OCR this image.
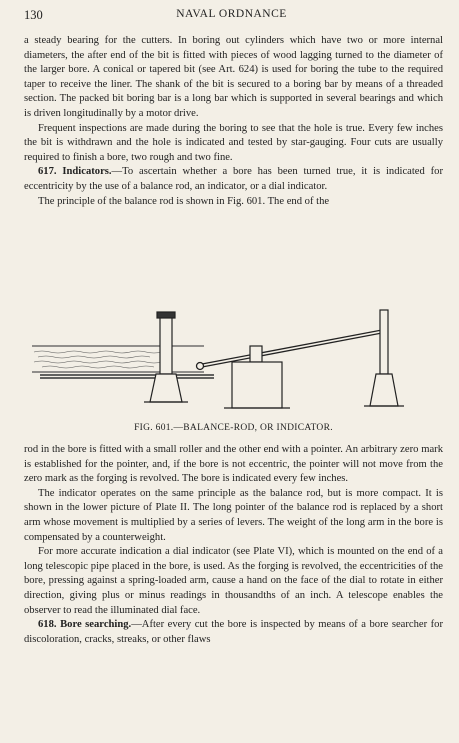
130	NAVAL ORDNANCE

a steady bearing for the cutters. In boring out cylinders which have two or more internal diameters, the after end of the bit is fitted with pieces of wood lagging turned to the diameter of the larger bore. A conical or tapered bit (see Art. 624) is used for boring the tube to the required taper to receive the liner. The shank of the bit is secured to a boring bar by means of a threaded section. The packed bit boring bar is a long bar which is supported in several bearings and which is driven longitudinally by a motor drive.

Frequent inspections are made during the boring to see that the hole is true. Every few inches the bit is withdrawn and the hole is indicated and tested by star-gauging. Four cuts are usually required to finish a bore, two rough and two fine.

617. Indicators.—To ascertain whether a bore has been turned true, it is indicated for eccentricity by the use of a balance rod, an indicator, or a dial indicator.

The principle of the balance rod is shown in Fig. 601. The end of the

FIG. 601.—BALANCE-ROD, OR INDICATOR.

rod in the bore is fitted with a small roller and the other end with a pointer. An arbitrary zero mark is established for the pointer, and, if the bore is not eccentric, the pointer will not move from the zero mark as the forging is revolved. The bore is indicated every few inches.

The indicator operates on the same principle as the balance rod, but is more compact. It is shown in the lower picture of Plate II. The long pointer of the balance rod is replaced by a short arm whose movement is multiplied by a series of levers. The weight of the long arm in the bore is compensated by a counterweight.

For more accurate indication a dial indicator (see Plate VI), which is mounted on the end of a long telescopic pipe placed in the bore, is used. As the forging is revolved, the eccentricities of the bore, pressing against a spring-loaded arm, cause a hand on the face of the dial to rotate in either direction, giving plus or minus readings in thousandths of an inch. A telescope enables the observer to read the illuminated dial face.

618. Bore searching.—After every cut the bore is inspected by means of a bore searcher for discoloration, cracks, streaks, or other flaws
